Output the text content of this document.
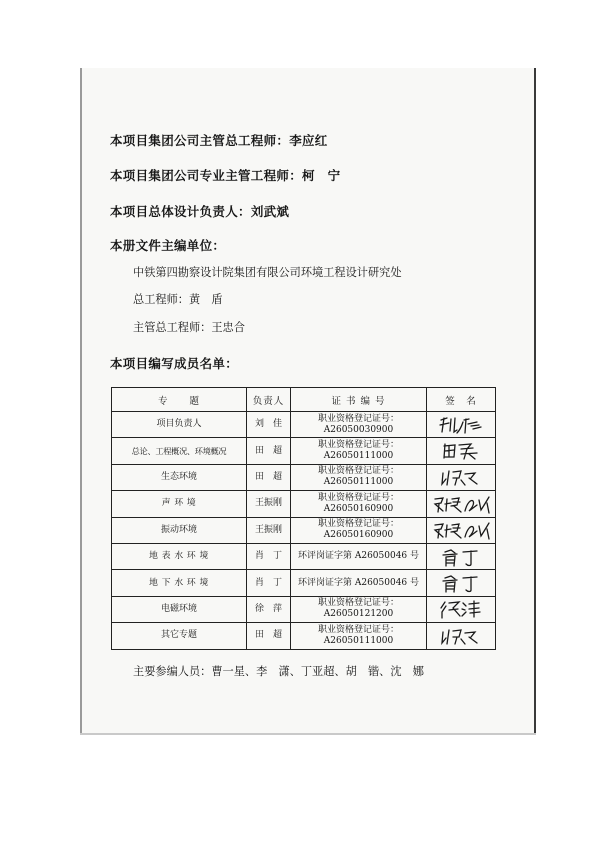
本项目集团公司主管总工程师：李应红
本项目集团公司专业主管工程师：柯　宁
本项目总体设计负责人：刘武斌
本册文件主编单位：
中铁第四勘察设计院集团有限公司环境工程设计研究处
总工程师：黄　盾
主管总工程师：王忠合
本项目编写成员名单：
专　　题	负责人	证 书 编 号	签　名
项目负责人	刘　佳	职业资格登记证号：
A26050030900

总论、工程概况、环境概况	田　超	职业资格登记证号：
A26050111000

生态环境	田　超	职业资格登记证号：
A26050111000

声 环 境	王振刚	职业资格登记证号：
A26050160900

振动环境	王振刚	职业资格登记证号：
A26050160900

地 表 水 环 境	肖　丁	环评岗证字第 A26050046 号

地 下 水 环 境	肖　丁	环评岗证字第 A26050046 号

电磁环境	徐　萍	职业资格登记证号：
A26050121200

其它专题	田　超	职业资格登记证号：
A26050111000

主要参编人员：曹一星、李　潇、丁亚超、胡　锴、沈　娜
